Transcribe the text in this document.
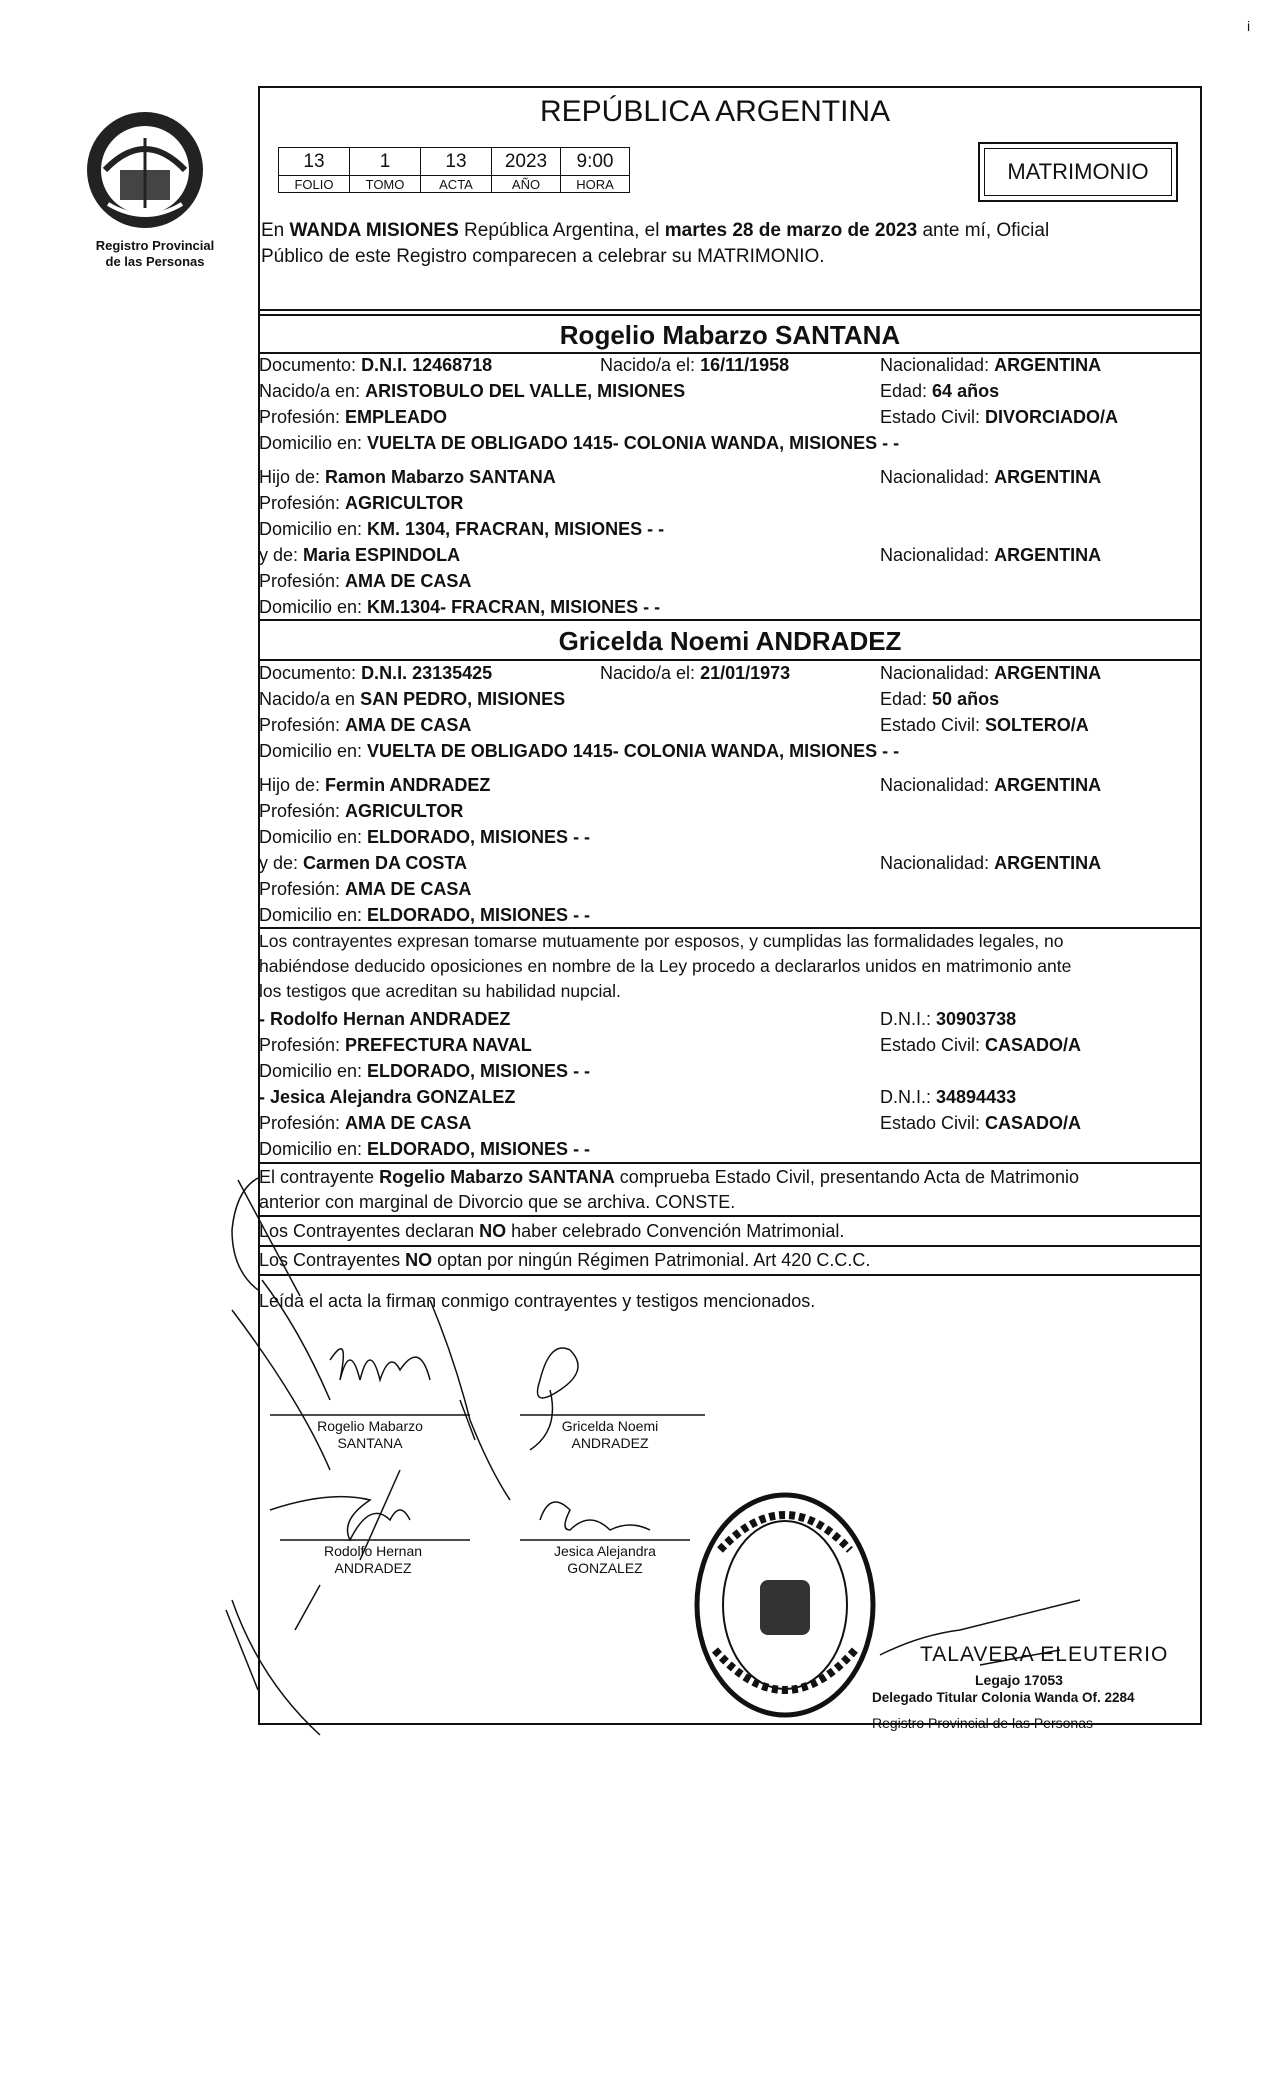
i
Registro Provincial
de las Personas
REPÚBLICA ARGENTINA
13	1	13	2023	9:00
FOLIO	TOMO	ACTA	AÑO	HORA	MATRIMONIO
En WANDA MISIONES República Argentina, el martes 28 de marzo de 2023 ante mí, Oficial
Público de este Registro comparecen a celebrar su MATRIMONIO.
Rogelio Mabarzo SANTANA
Documento: D.N.I. 12468718	Nacido/a el: 16/11/1958	Nacionalidad: ARGENTINA
Nacido/a en: ARISTOBULO DEL VALLE, MISIONES	Edad: 64 años
Profesión: EMPLEADO	Estado Civil: DIVORCIADO/A
Domicilio en: VUELTA DE OBLIGADO 1415- COLONIA WANDA, MISIONES - -
Hijo de: Ramon Mabarzo SANTANA	Nacionalidad: ARGENTINA
Profesión: AGRICULTOR
Domicilio en: KM. 1304, FRACRAN, MISIONES - -
y de: Maria ESPINDOLA	Nacionalidad: ARGENTINA
Profesión: AMA DE CASA
Domicilio en: KM.1304- FRACRAN, MISIONES - -
Gricelda Noemi ANDRADEZ
Documento: D.N.I. 23135425	Nacido/a el: 21/01/1973	Nacionalidad: ARGENTINA
Nacido/a en SAN PEDRO, MISIONES	Edad: 50 años
Profesión: AMA DE CASA	Estado Civil: SOLTERO/A
Domicilio en: VUELTA DE OBLIGADO 1415- COLONIA WANDA, MISIONES - -
Hijo de: Fermin ANDRADEZ	Nacionalidad: ARGENTINA
Profesión: AGRICULTOR
Domicilio en: ELDORADO, MISIONES - -
y de: Carmen DA COSTA	Nacionalidad: ARGENTINA
Profesión: AMA DE CASA
Domicilio en: ELDORADO, MISIONES - -
Los contrayentes expresan tomarse mutuamente por esposos, y cumplidas las formalidades legales, no
habiéndose deducido oposiciones en nombre de la Ley procedo a declararlos unidos en matrimonio ante
los testigos que acreditan su habilidad nupcial.
- Rodolfo Hernan ANDRADEZ	D.N.I.: 30903738
Profesión: PREFECTURA NAVAL	Estado Civil: CASADO/A
Domicilio en: ELDORADO, MISIONES - -
- Jesica Alejandra GONZALEZ	D.N.I.: 34894433
Profesión: AMA DE CASA	Estado Civil: CASADO/A
Domicilio en: ELDORADO, MISIONES - -
El contrayente Rogelio Mabarzo SANTANA comprueba Estado Civil, presentando Acta de Matrimonio
anterior con marginal de Divorcio que se archiva. CONSTE.
Los Contrayentes declaran NO haber celebrado Convención Matrimonial.
Los Contrayentes NO optan por ningún Régimen Patrimonial. Art 420 C.C.C.
Leída el acta la firman conmigo contrayentes y testigos mencionados.
Rogelio Mabarzo
SANTANA
Gricelda Noemi
ANDRADEZ
Rodolfo Hernan
ANDRADEZ
Jesica Alejandra
GONZALEZ
TALAVERA ELEUTERIO
Legajo 17053
Delegado Titular Colonia Wanda Of. 2284
Registro Provincial de las Personas
